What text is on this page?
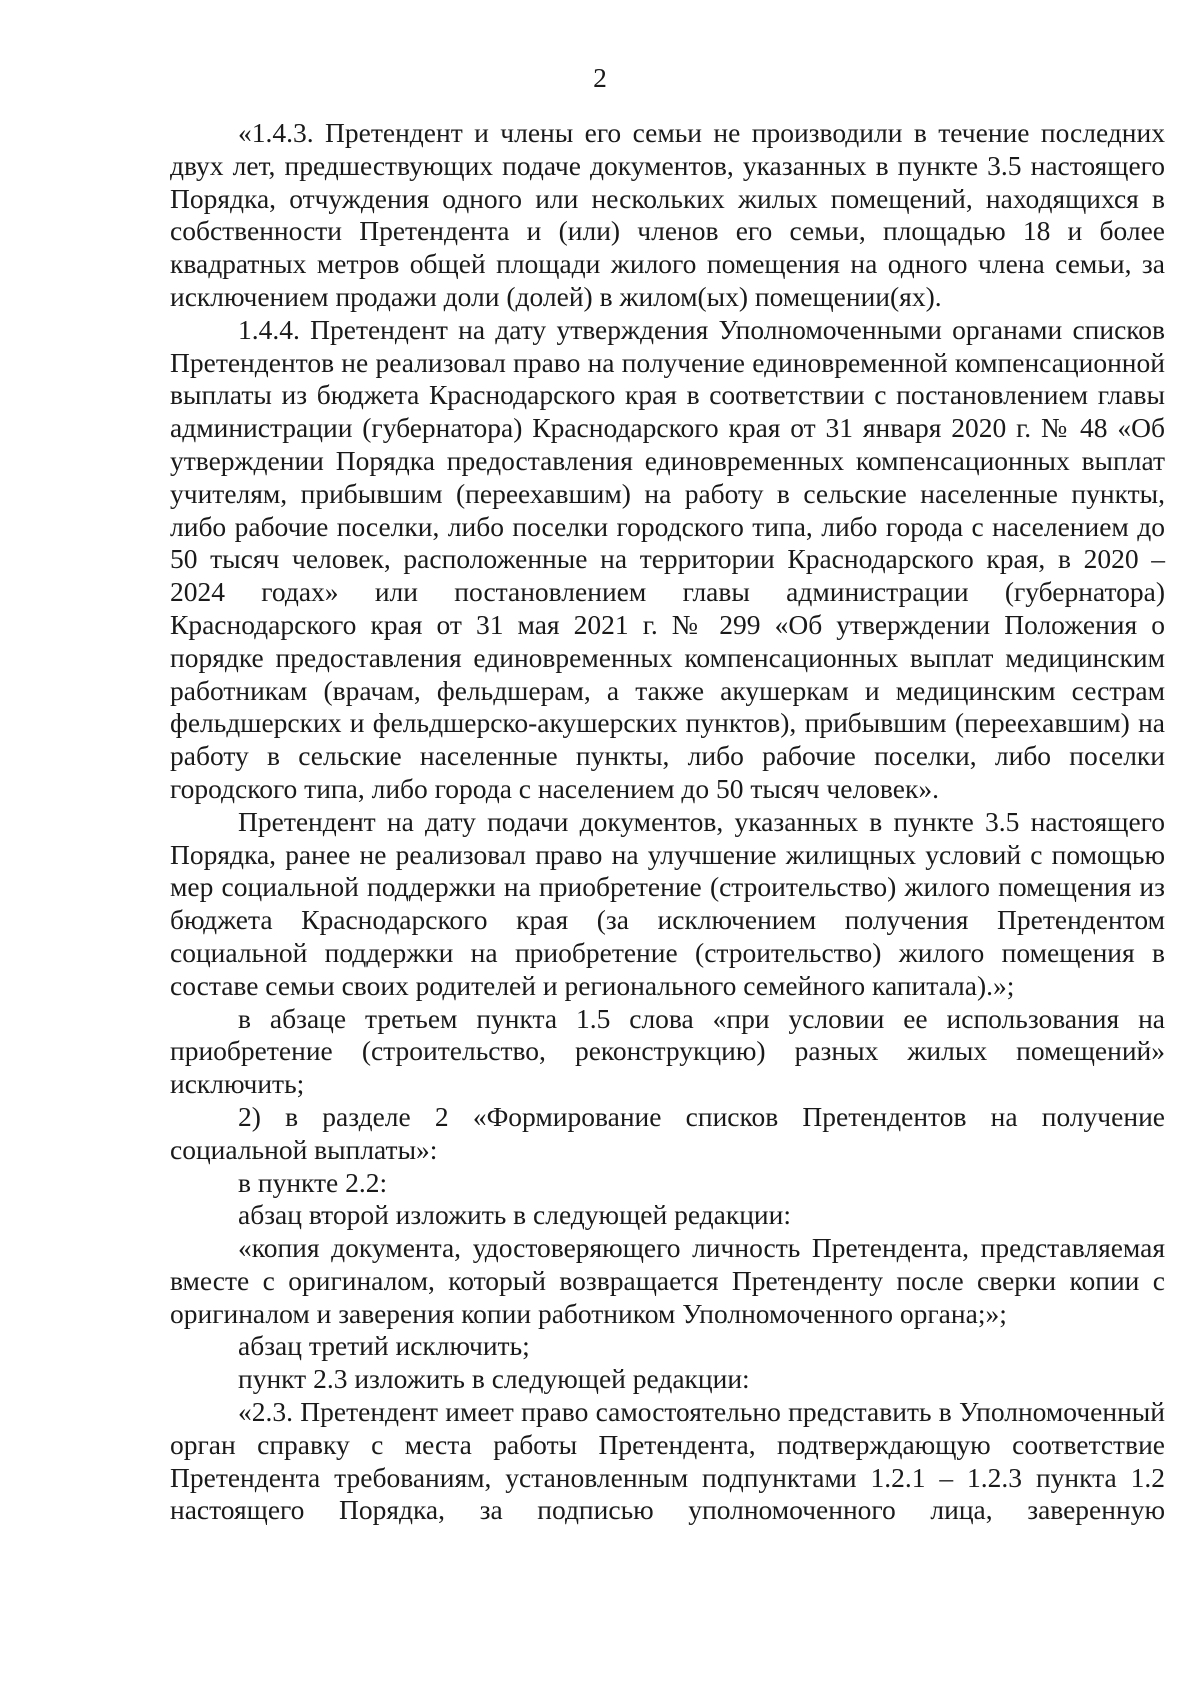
2

«1.4.3. Претендент и члены его семьи не производили в течение последних двух лет, предшествующих подаче документов, указанных в пункте 3.5 настоящего Порядка, отчуждения одного или нескольких жилых помещений, находящихся в собственности Претендента и (или) членов его семьи, площадью 18 и более квадратных метров общей площади жилого помещения на одного члена семьи, за исключением продажи доли (долей) в жилом(ых) помещении(ях).

1.4.4. Претендент на дату утверждения Уполномоченными органами списков Претендентов не реализовал право на получение единовременной компенсационной выплаты из бюджета Краснодарского края в соответствии с постановлением главы администрации (губернатора) Краснодарского края от 31 января 2020 г. № 48 «Об утверждении Порядка предоставления единовременных компенсационных выплат учителям, прибывшим (переехавшим) на работу в сельские населенные пункты, либо рабочие поселки, либо поселки городского типа, либо города с населением до 50 тысяч человек, расположенные на территории Краснодарского края, в 2020 – 2024 годах» или постановлением главы администрации (губернатора) Краснодарского края от 31 мая 2021 г. № 299 «Об утверждении Положения о порядке предоставления единовременных компенсационных выплат медицинским работникам (врачам, фельдшерам, а также акушеркам и медицинским сестрам фельдшерских и фельдшерско-акушерских пунктов), прибывшим (переехавшим) на работу в сельские населенные пункты, либо рабочие поселки, либо поселки городского типа, либо города с населением до 50 тысяч человек».

Претендент на дату подачи документов, указанных в пункте 3.5 настоящего Порядка, ранее не реализовал право на улучшение жилищных условий с помощью мер социальной поддержки на приобретение (строительство) жилого помещения из бюджета Краснодарского края (за исключением получения Претендентом социальной поддержки на приобретение (строительство) жилого помещения в составе семьи своих родителей и регионального семейного капитала).»;

в абзаце третьем пункта 1.5 слова «при условии ее использования на приобретение (строительство, реконструкцию) разных жилых помещений» исключить;

2) в разделе 2 «Формирование списков Претендентов на получение социальной выплаты»:

в пункте 2.2:

абзац второй изложить в следующей редакции:

«копия документа, удостоверяющего личность Претендента, представляемая вместе с оригиналом, который возвращается Претенденту после сверки копии с оригиналом и заверения копии работником Уполномоченного органа;»;

абзац третий исключить;

пункт 2.3 изложить в следующей редакции:

«2.3. Претендент имеет право самостоятельно представить в Уполномоченный орган справку с места работы Претендента, подтверждающую соответствие Претендента требованиям, установленным подпунктами 1.2.1 – 1.2.3 пункта 1.2 настоящего Порядка, за подписью уполномоченного лица, заверенную
